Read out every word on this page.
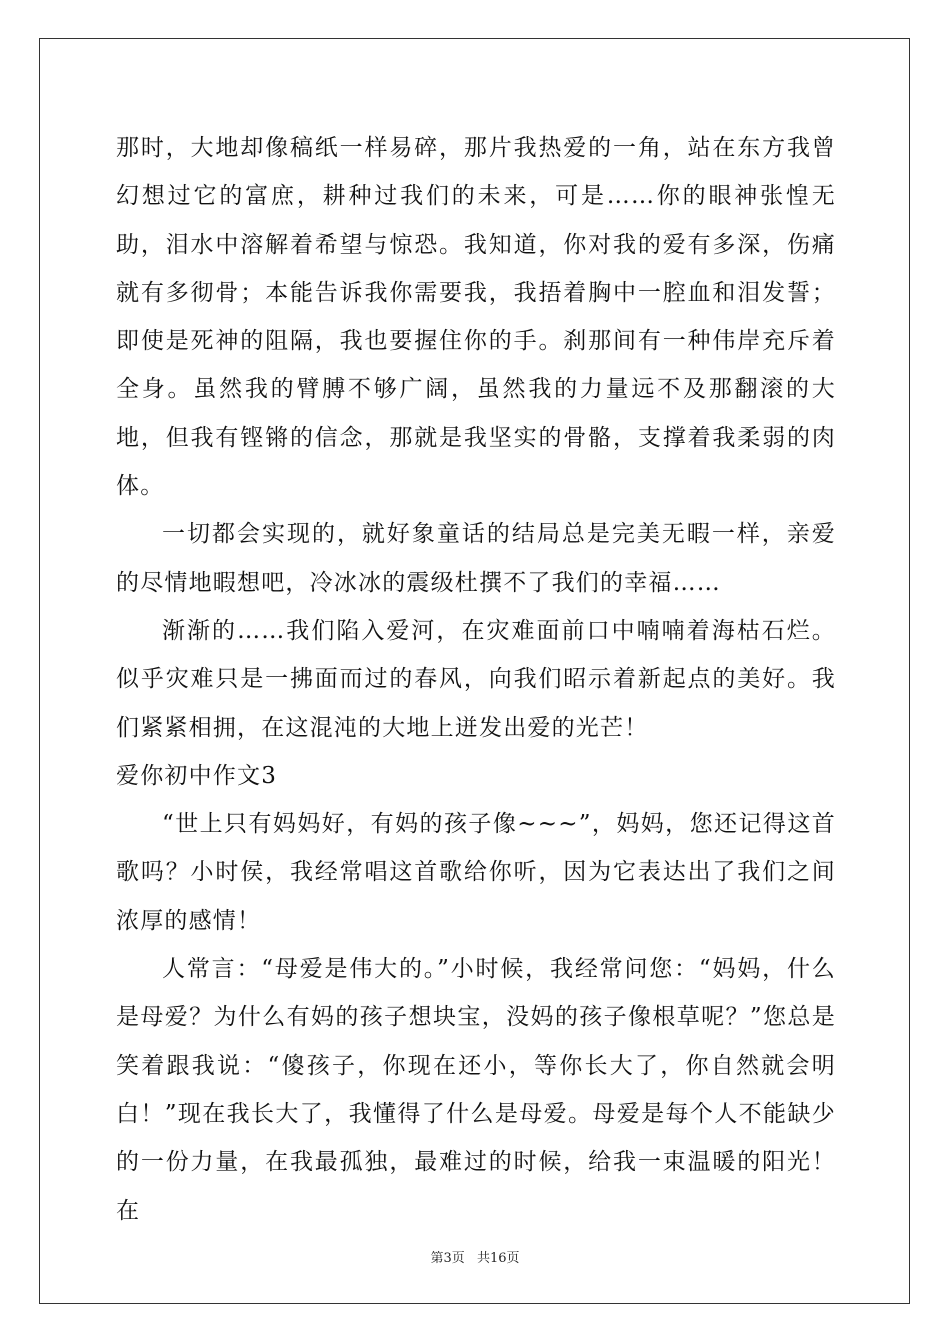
那时，大地却像稿纸一样易碎，那片我热爱的一角，站在东方我曾幻想过它的富庶，耕种过我们的未来，可是……你的眼神张惶无助，泪水中溶解着希望与惊恐。我知道，你对我的爱有多深，伤痛就有多彻骨；本能告诉我你需要我，我捂着胸中一腔血和泪发誓；即使是死神的阻隔，我也要握住你的手。刹那间有一种伟岸充斥着全身。虽然我的臂膊不够广阔，虽然我的力量远不及那翻滚的大地，但我有铿锵的信念，那就是我坚实的骨骼，支撑着我柔弱的肉体。

一切都会实现的，就好象童话的结局总是完美无暇一样，亲爱的尽情地暇想吧，冷冰冰的震级杜撰不了我们的幸福……

渐渐的……我们陷入爱河，在灾难面前口中喃喃着海枯石烂。似乎灾难只是一拂面而过的春风，向我们昭示着新起点的美好。我们紧紧相拥，在这混沌的大地上迸发出爱的光芒！

爱你初中作文3

“世上只有妈妈好，有妈的孩子像~~~”，妈妈，您还记得这首歌吗？小时侯，我经常唱这首歌给你听，因为它表达出了我们之间浓厚的感情！

人常言：“母爱是伟大的。”小时候，我经常问您：“妈妈，什么是母爱？为什么有妈的孩子想块宝，没妈的孩子像根草呢？”您总是笑着跟我说：“傻孩子，你现在还小，等你长大了，你自然就会明白！”现在我长大了，我懂得了什么是母爱。母爱是每个人不能缺少的一份力量，在我最孤独，最难过的时候，给我一束温暖的阳光！在

第3页 共16页
